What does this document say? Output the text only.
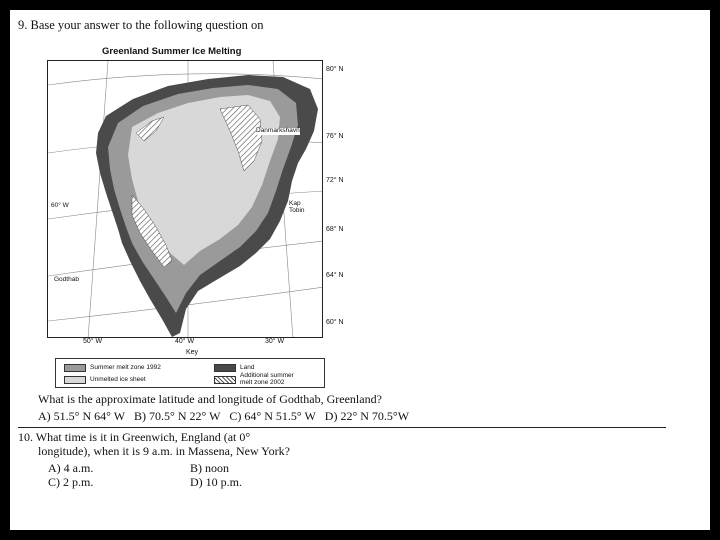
9. Base your answer to the following question on
Greenland Summer Ice Melting
80° N
76° N
72° N
68° N
64° N
60° N
50° W	40° W	30° W
60° W
Danmarkshavn
Kap
Tobin
Godthab
Key
Summer melt zone 1992
Unmelted ice sheet
Land
Additional summer
melt zone 2002
What is the approximate latitude and longitude of Godthab, Greenland?
A) 51.5° N 64° W B) 70.5° N 22° W C) 64° N 51.5° W D) 22° N 70.5°W
10. What time is it in Greenwich, England (at 0°
longitude), when it is 9 a.m. in Massena, New York?
A) 4 a.m.	B) noon
C) 2 p.m.	D) 10 p.m.
